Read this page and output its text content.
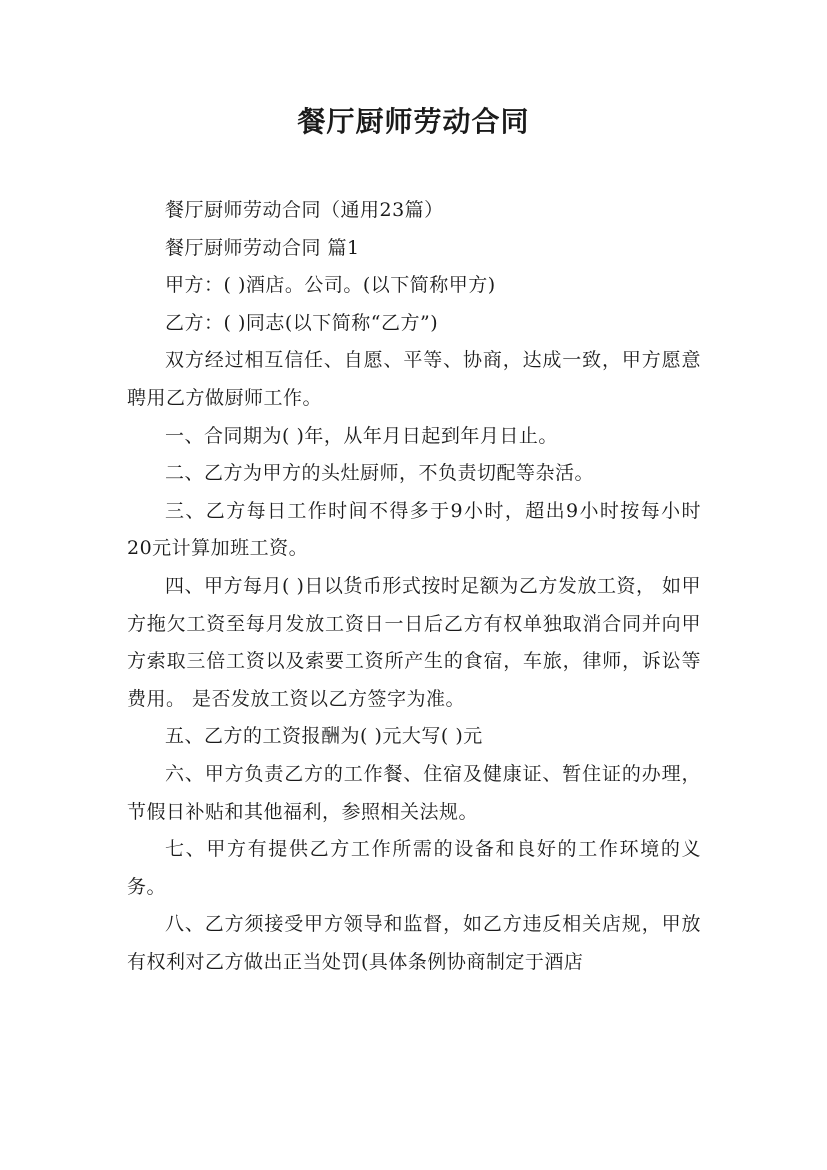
餐厅厨师劳动合同

餐厅厨师劳动合同（通用23篇）

餐厅厨师劳动合同 篇1

甲方：( )酒店。公司。(以下简称甲方)

乙方：( )同志(以下简称“乙方”)

双方经过相互信任、自愿、平等、协商，达成一致，甲方愿意聘用乙方做厨师工作。

一、合同期为( )年，从年月日起到年月日止。

二、乙方为甲方的头灶厨师，不负责切配等杂活。

三、乙方每日工作时间不得多于9小时，超出9小时按每小时20元计算加班工资。

四、甲方每月( )日以货币形式按时足额为乙方发放工资， 如甲方拖欠工资至每月发放工资日一日后乙方有权单独取消合同并向甲方索取三倍工资以及索要工资所产生的食宿，车旅，律师，诉讼等费用。 是否发放工资以乙方签字为准。

五、乙方的工资报酬为( )元大写( )元

六、甲方负责乙方的工作餐、住宿及健康证、暂住证的办理，节假日补贴和其他福利，参照相关法规。

七、甲方有提供乙方工作所需的设备和良好的工作环境的义务。

八、乙方须接受甲方领导和监督，如乙方违反相关店规，甲放有权利对乙方做出正当处罚(具体条例协商制定于酒店
